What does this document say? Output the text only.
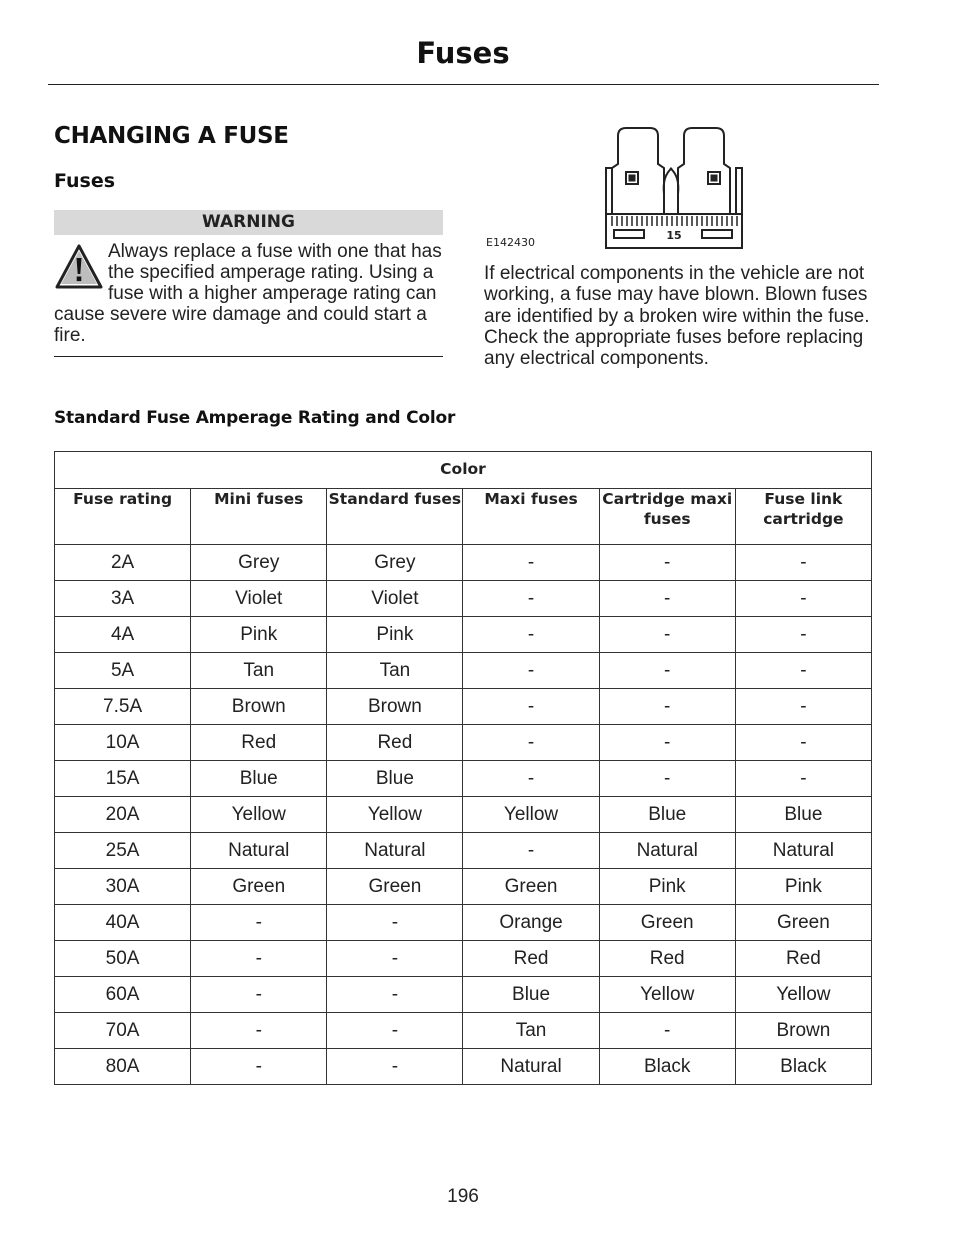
Fuses
CHANGING A FUSE
Fuses
WARNING

Always replace a fuse with one that has the specified amperage rating. Using a fuse with a higher amperage rating can cause severe wire damage and could start a fire.

15
E142430

If electrical components in the vehicle are not working, a fuse may have blown. Blown fuses are identified by a broken wire within the fuse. Check the appropriate fuses before replacing any electrical components.

Standard Fuse Amperage Rating and Color
Color					
Fuse rating	Mini fuses	Standard fuses	Maxi fuses	Cartridge maxi fuses	Fuse link cartridge
2A	Grey	Grey	-	-	-
3A	Violet	Violet	-	-	-
4A	Pink	Pink	-	-	-
5A	Tan	Tan	-	-	-
7.5A	Brown	Brown	-	-	-
10A	Red	Red	-	-	-
15A	Blue	Blue	-	-	-
20A	Yellow	Yellow	Yellow	Blue	Blue
25A	Natural	Natural	-	Natural	Natural
30A	Green	Green	Green	Pink	Pink
40A	-	-	Orange	Green	Green
50A	-	-	Red	Red	Red
60A	-	-	Blue	Yellow	Yellow
70A	-	-	Tan	-	Brown
80A	-	-	Natural	Black	Black
196
